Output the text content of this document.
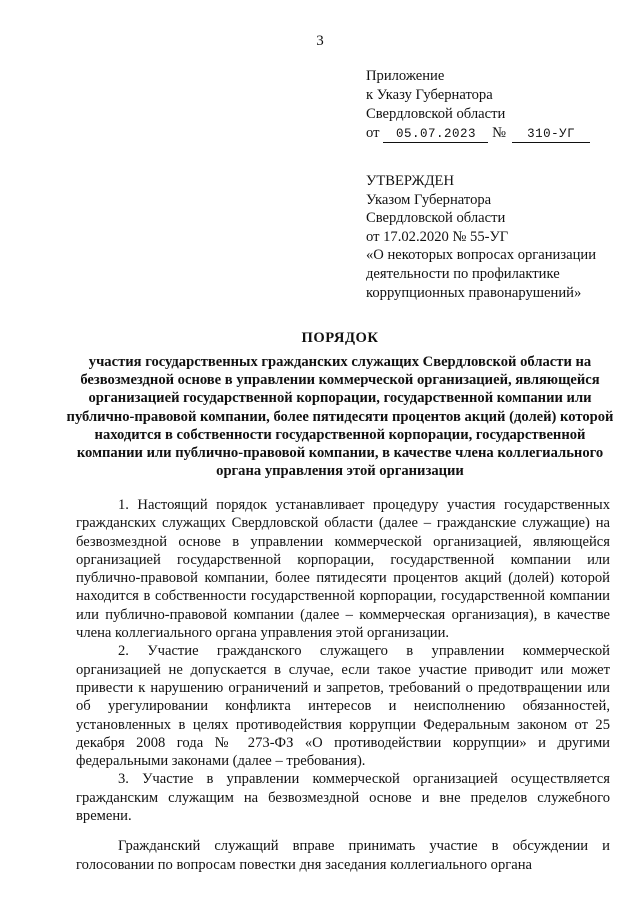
3
Приложение
к Указу Губернатора
Свердловской области
от 05.07.2023 № 310-УГ
УТВЕРЖДЕН
Указом Губернатора
Свердловской области
от 17.02.2020 № 55-УГ
«О некоторых вопросах организации
деятельности по профилактике
коррупционных правонарушений»
ПОРЯДОК
участия государственных гражданских служащих Свердловской области на безвозмездной основе в управлении коммерческой организацией, являющейся организацией государственной корпорации, государственной компании или публично-правовой компании, более пятидесяти процентов акций (долей) которой находится в собственности государственной корпорации, государственной компании или публично-правовой компании, в качестве члена коллегиального органа управления этой организации

1. Настоящий порядок устанавливает процедуру участия государственных гражданских служащих Свердловской области (далее – гражданские служащие) на безвозмездной основе в управлении коммерческой организацией, являющейся организацией государственной корпорации, государственной компании или публично-правовой компании, более пятидесяти процентов акций (долей) которой находится в собственности государственной корпорации, государственной компании или публично-правовой компании (далее – коммерческая организация), в качестве члена коллегиального органа управления этой организации.

2. Участие гражданского служащего в управлении коммерческой организацией не допускается в случае, если такое участие приводит или может привести к нарушению ограничений и запретов, требований о предотвращении или об урегулировании конфликта интересов и неисполнению обязанностей, установленных в целях противодействия коррупции Федеральным законом от 25 декабря 2008 года № 273-ФЗ «О противодействии коррупции» и другими федеральными законами (далее – требования).

3. Участие в управлении коммерческой организацией осуществляется гражданским служащим на безвозмездной основе и вне пределов служебного времени.

Гражданский служащий вправе принимать участие в обсуждении и голосовании по вопросам повестки дня заседания коллегиального органа
